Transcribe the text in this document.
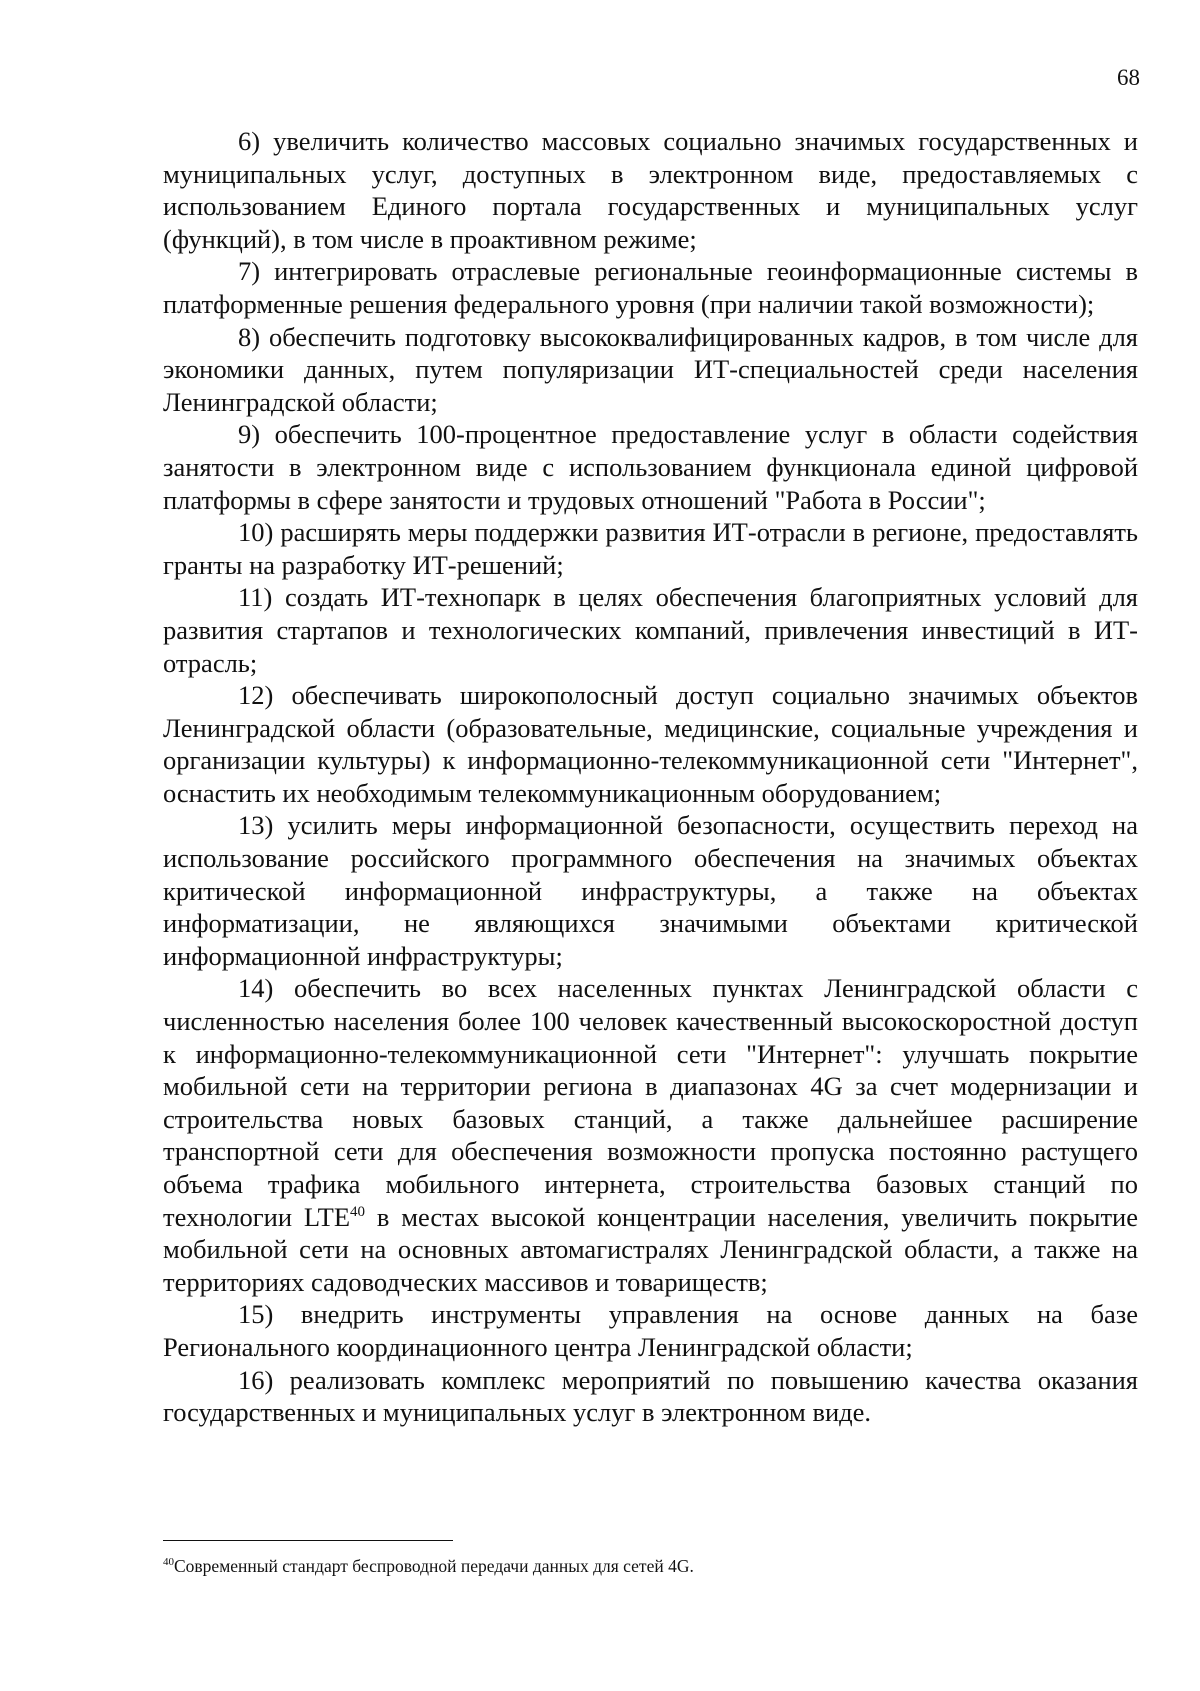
68

6) увеличить количество массовых социально значимых государственных и муниципальных услуг, доступных в электронном виде, предоставляемых с использованием Единого портала государственных и муниципальных услуг (функций), в том числе в проактивном режиме;

7) интегрировать отраслевые региональные геоинформационные системы в платформенные решения федерального уровня (при наличии такой возможности);

8) обеспечить подготовку высококвалифицированных кадров, в том числе для экономики данных, путем популяризации ИТ-специальностей среди населения Ленинградской области;

9) обеспечить 100-процентное предоставление услуг в области содействия занятости в электронном виде с использованием функционала единой цифровой платформы в сфере занятости и трудовых отношений "Работа в России";

10) расширять меры поддержки развития ИТ-отрасли в регионе, предоставлять гранты на разработку ИТ-решений;

11) создать ИТ-технопарк в целях обеспечения благоприятных условий для развития стартапов и технологических компаний, привлечения инвестиций в ИТ-отрасль;

12) обеспечивать широкополосный доступ социально значимых объектов Ленинградской области (образовательные, медицинские, социальные учреждения и организации культуры) к информационно-телекоммуникационной сети "Интернет", оснастить их необходимым телекоммуникационным оборудованием;

13) усилить меры информационной безопасности, осуществить переход на использование российского программного обеспечения на значимых объектах критической информационной инфраструктуры, а также на объектах информатизации, не являющихся значимыми объектами критической информационной инфраструктуры;

14) обеспечить во всех населенных пунктах Ленинградской области с численностью населения более 100 человек качественный высокоскоростной доступ к информационно-телекоммуникационной сети "Интернет": улучшать покрытие мобильной сети на территории региона в диапазонах 4G за счет модернизации и строительства новых базовых станций, а также дальнейшее расширение транспортной сети для обеспечения возможности пропуска постоянно растущего объема трафика мобильного интернета, строительства базовых станций по технологии LTE$^{40}$ в местах высокой концентрации населения, увеличить покрытие мобильной сети на основных автомагистралях Ленинградской области, а также на территориях садоводческих массивов и товариществ;

15) внедрить инструменты управления на основе данных на базе Регионального координационного центра Ленинградской области;

16) реализовать комплекс мероприятий по повышению качества оказания государственных и муниципальных услуг в электронном виде.

$^{40}$Современный стандарт беспроводной передачи данных для сетей 4G.
